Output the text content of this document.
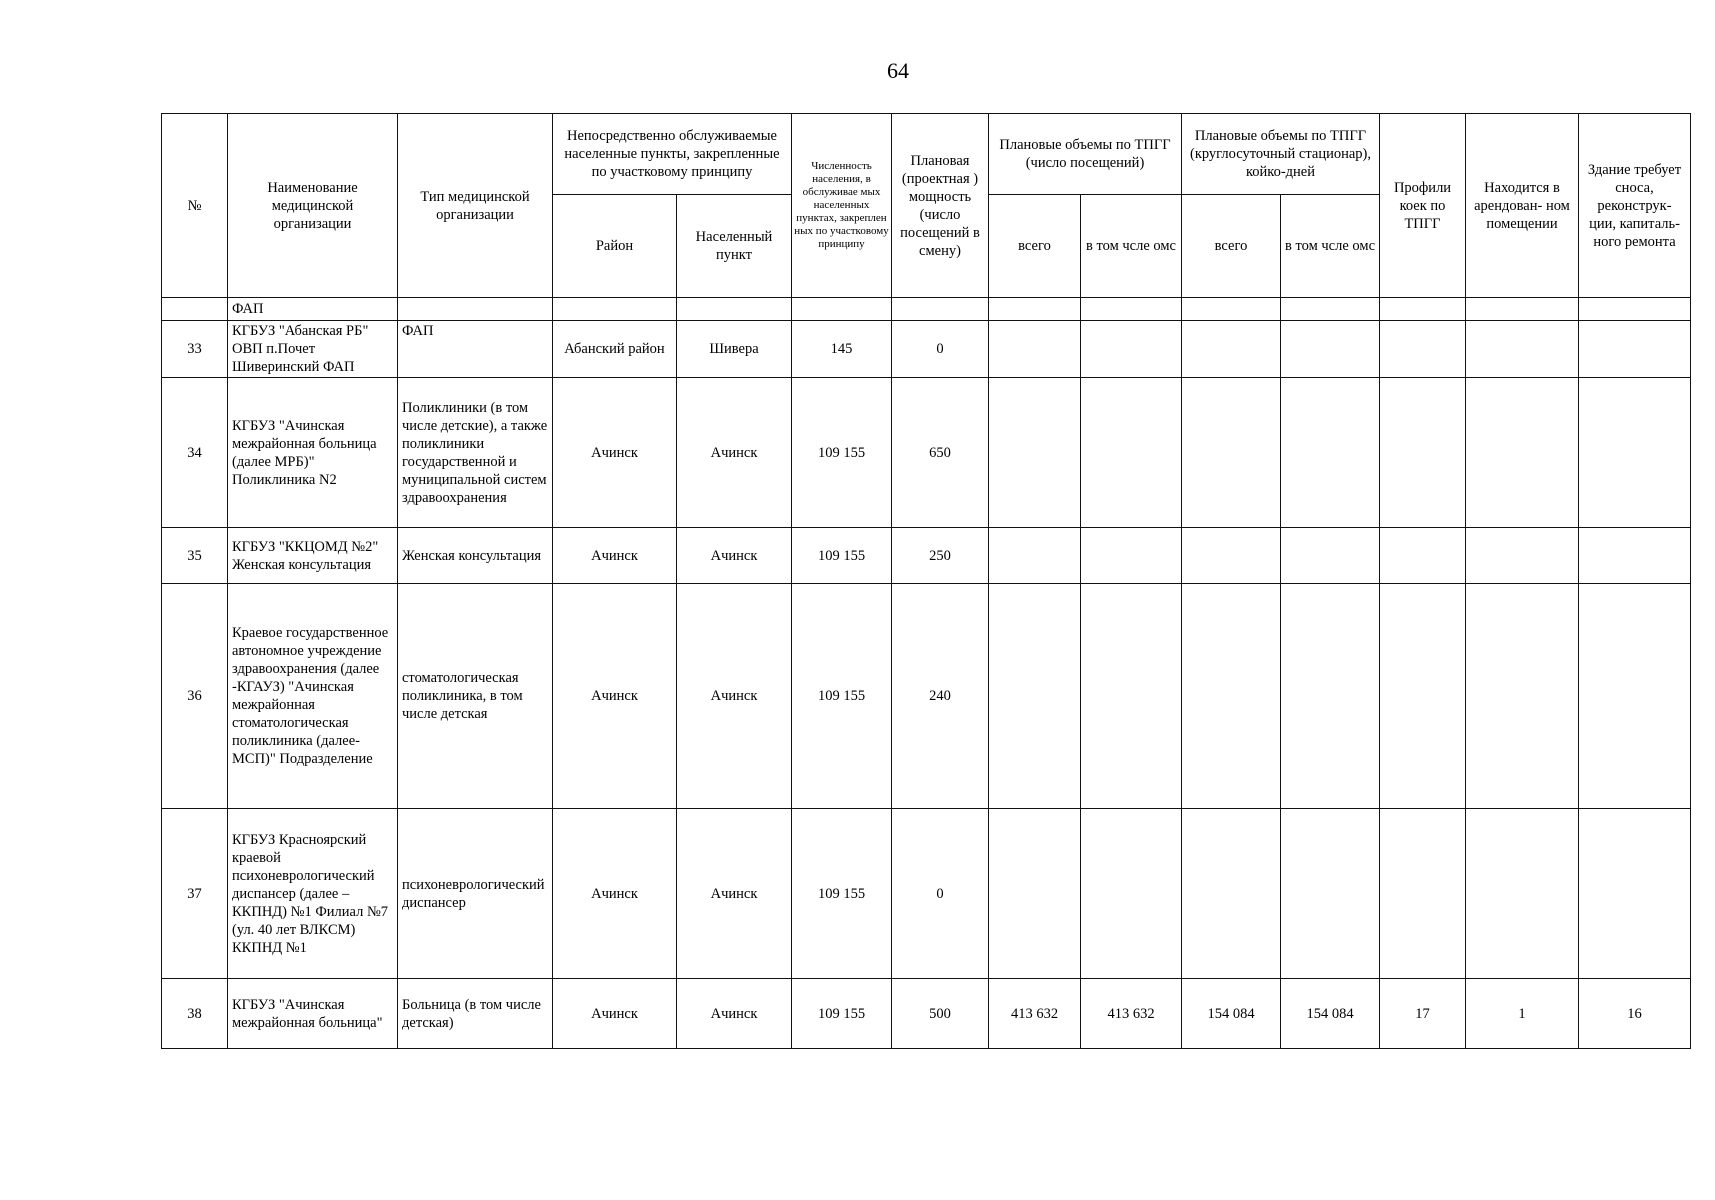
64
№	Наименование медицинской организации	Тип медицинской организации	Непосредственно обслуживаемые населенные пункты, закрепленные по участковому принципу		Численность населения, в обслуживае мых населенных пунктах, закреплен ных по участковому принципу	Плановая (проектная ) мощность (число посещений в смену)	Плановые объемы по ТПГГ (число посещений)		Плановые объемы по ТПГГ (круглосуточный стационар), койко-дней		Профили коек по ТПГГ	Находится в арендован- ном помещении	Здание требует сноса, реконструк- ции, капиталь- ного ремонта
			Район	Населенный пункт			всего	в том чсле омс	всего	в том чсле омс			
	ФАП												
33	КГБУЗ "Абанская РБ" ОВП п.Почет Шиверинский ФАП	ФАП	Абанский район	Шивера	145	0							
34	КГБУЗ "Ачинская межрайонная больница (далее МРБ)" Поликлиника N2	Поликлиники (в том числе детские), а также поликлиники государственной и муниципальной систем здравоохранения	Ачинск	Ачинск	109 155	650							
35	КГБУЗ "ККЦОМД №2" Женская консультация	Женская консультация	Ачинск	Ачинск	109 155	250							
36	Краевое государственное автономное учреждение здравоохранения (далее -КГАУЗ) "Ачинская межрайонная стоматологическая поликлиника (далее- МСП)" Подразделение	стоматологическая поликлиника, в том числе детская	Ачинск	Ачинск	109 155	240							
37	КГБУЗ Красноярский краевой психоневрологический диспансер (далее – ККПНД) №1 Филиал №7 (ул. 40 лет ВЛКСМ) ККПНД №1	психоневрологический диспансер	Ачинск	Ачинск	109 155	0							
38	КГБУЗ "Ачинская межрайонная больница"	Больница (в том числе детская)	Ачинск	Ачинск	109 155	500	413 632	413 632	154 084	154 084	17	1	16
